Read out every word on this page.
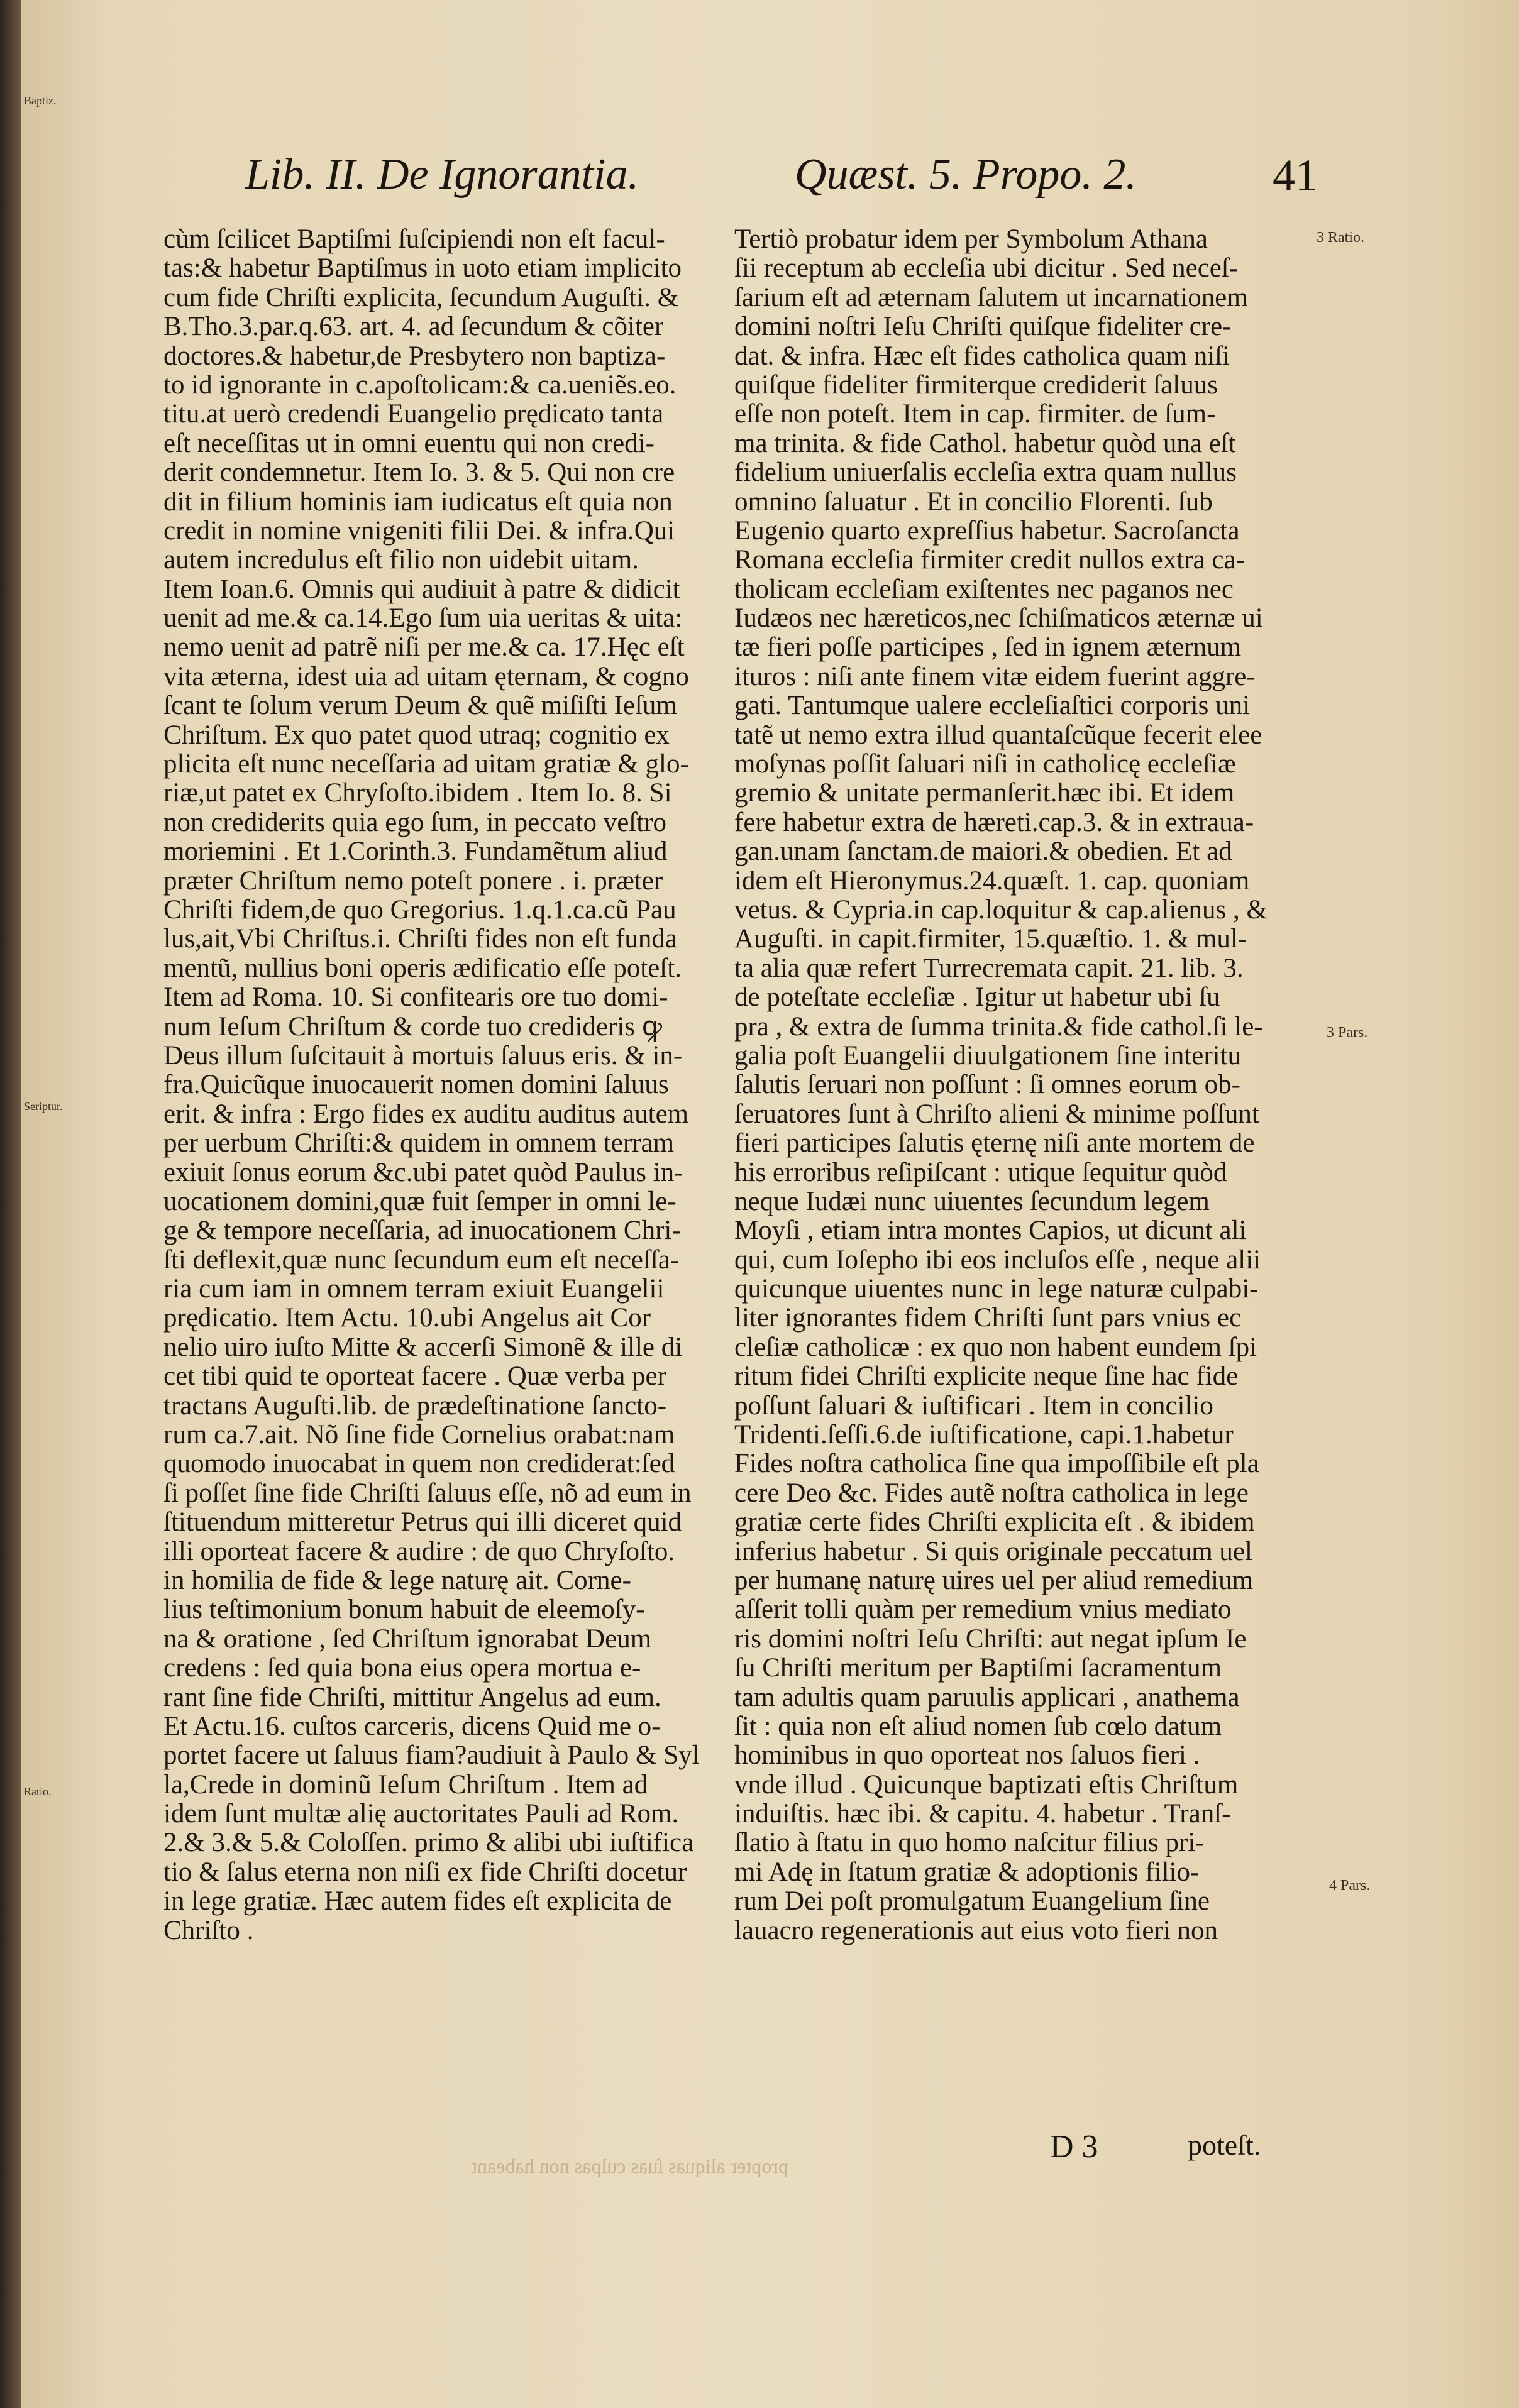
Lib. II. De Ignorantia.	Quæst. 5. Propo. 2.	41
3 Ratio.
3 Pars.
4 Pars.
Baptiz.
Seriptur.
Ratio.
cùm ſcilicet Baptiſmi ſuſcipiendi non eſt facul-
tas:& habetur Baptiſmus in uoto etiam implicito
cum fide Chriſti explicita, ſecundum Auguſti. &
B.Tho.3.par.q.63. art. 4. ad ſecundum & cõiter
doctores.& habetur,de Presbytero non baptiza-
to id ignorante in c.apoſtolicam:& ca.ueniẽs.eo.
titu.at uerò credendi Euangelio prędicato tanta
eſt neceſſitas ut in omni euentu qui non credi-
derit condemnetur. Item Io. 3. & 5. Qui non cre
dit in filium hominis iam iudicatus eſt quia non
credit in nomine vnigeniti filii Dei. & infra.Qui
autem incredulus eſt filio non uidebit uitam.
Item Ioan.6. Omnis qui audiuit à patre & didicit
uenit ad me.& ca.14.Ego ſum uia ueritas & uita:
nemo uenit ad patrẽ niſi per me.& ca. 17.Hęc eſt
vita æterna, idest uia ad uitam ęternam, & cogno
ſcant te ſolum verum Deum & quẽ miſiſti Ieſum
Chriſtum. Ex quo patet quod utraq; cognitio ex
plicita eſt nunc neceſſaria ad uitam gratiæ & glo-
riæ,ut patet ex Chryſoſto.ibidem . Item Io. 8. Si
non crediderits quia ego ſum, in peccato veſtro
moriemini . Et 1.Corinth.3. Fundamẽtum aliud
præter Chriſtum nemo poteſt ponere . i. præter
Chriſti fidem,de quo Gregorius. 1.q.1.ca.cũ Pau
lus,ait,Vbi Chriſtus.i. Chriſti fides non eſt funda
mentũ, nullius boni operis ædificatio eſſe poteſt.
Item ad Roma. 10. Si confitearis ore tuo domi-
num Ieſum Chriſtum & corde tuo credideris ꝙ
Deus illum ſuſcitauit à mortuis ſaluus eris. & in-
fra.Quicũque inuocauerit nomen domini ſaluus
erit. & infra : Ergo fides ex auditu auditus autem
per uerbum Chriſti:& quidem in omnem terram
exiuit ſonus eorum &c.ubi patet quòd Paulus in-
uocationem domini,quæ fuit ſemper in omni le-
ge & tempore neceſſaria, ad inuocationem Chri-
ſti deflexit,quæ nunc ſecundum eum eſt neceſſa-
ria cum iam in omnem terram exiuit Euangelii
prędicatio. Item Actu. 10.ubi Angelus ait Cor
nelio uiro iuſto Mitte & accerſi Simonẽ & ille di
cet tibi quid te oporteat facere . Quæ verba per
tractans Auguſti.lib. de prædeſtinatione ſancto-
rum ca.7.ait. Nõ ſine fide Cornelius orabat:nam
quomodo inuocabat in quem non crediderat:ſed
ſi poſſet ſine fide Chriſti ſaluus eſſe, nõ ad eum in
ſtituendum mitteretur Petrus qui illi diceret quid
illi oporteat facere & audire : de quo Chryſoſto.
in homilia de fide & lege naturę ait. Corne-
lius teſtimonium bonum habuit de eleemoſy-
na & oratione , ſed Chriſtum ignorabat Deum
credens : ſed quia bona eius opera mortua e-
rant ſine fide Chriſti, mittitur Angelus ad eum.
Et Actu.16. cuſtos carceris, dicens Quid me o-
portet facere ut ſaluus fiam?audiuit à Paulo & Syl
la,Crede in dominũ Ieſum Chriſtum . Item ad
idem ſunt multæ alię auctoritates Pauli ad Rom.
2.& 3.& 5.& Coloſſen. primo & alibi ubi iuſtifica
tio & ſalus eterna non niſi ex fide Chriſti docetur
in lege gratiæ. Hæc autem fides eſt explicita de
Chriſto .
Tertiò probatur idem per Symbolum Athana
ſii receptum ab eccleſia ubi dicitur . Sed neceſ-
ſarium eſt ad æternam ſalutem ut incarnationem
domini noſtri Ieſu Chriſti quiſque fideliter cre-
dat. & infra. Hæc eſt fides catholica quam niſi
quiſque fideliter firmiterque crediderit ſaluus
eſſe non poteſt. Item in cap. firmiter. de ſum-
ma trinita. & fide Cathol. habetur quòd una eſt
fidelium uniuerſalis eccleſia extra quam nullus
omnino ſaluatur . Et in concilio Florenti. ſub
Eugenio quarto expreſſius habetur. Sacroſancta
Romana eccleſia firmiter credit nullos extra ca-
tholicam eccleſiam exiſtentes nec paganos nec
Iudæos nec hæreticos,nec ſchiſmaticos æternæ ui
tæ fieri poſſe participes , ſed in ignem æternum
ituros : niſi ante finem vitæ eidem fuerint aggre-
gati. Tantumque ualere eccleſiaſtici corporis uni
tatẽ ut nemo extra illud quantaſcũque fecerit elee
moſynas poſſit ſaluari niſi in catholicę eccleſiæ
gremio & unitate permanſerit.hæc ibi. Et idem
fere habetur extra de hæreti.cap.3. & in extraua-
gan.unam ſanctam.de maiori.& obedien. Et ad
idem eſt Hieronymus.24.quæſt. 1. cap. quoniam
vetus. & Cypria.in cap.loquitur & cap.alienus , &
Auguſti. in capit.firmiter, 15.quæſtio. 1. & mul-
ta alia quæ refert Turrecremata capit. 21. lib. 3.
de poteſtate eccleſiæ . Igitur ut habetur ubi ſu
pra , & extra de ſumma trinita.& fide cathol.ſi le-
galia poſt Euangelii diuulgationem ſine interitu
ſalutis ſeruari non poſſunt : ſi omnes eorum ob-
ſeruatores ſunt à Chriſto alieni & minime poſſunt
fieri participes ſalutis ęternę niſi ante mortem de
his erroribus reſipiſcant : utique ſequitur quòd
neque Iudæi nunc uiuentes ſecundum legem
Moyſi , etiam intra montes Capios, ut dicunt ali
qui, cum Ioſepho ibi eos incluſos eſſe , neque alii
quicunque uiuentes nunc in lege naturæ culpabi-
liter ignorantes fidem Chriſti ſunt pars vnius ec
cleſiæ catholicæ : ex quo non habent eundem ſpi
ritum fidei Chriſti explicite neque ſine hac fide
poſſunt ſaluari & iuſtificari . Item in concilio
Tridenti.ſeſſi.6.de iuſtificatione, capi.1.habetur
Fides noſtra catholica ſine qua impoſſibile eſt pla
cere Deo &c. Fides autẽ noſtra catholica in lege
gratiæ certe fides Chriſti explicita eſt . & ibidem
inferius habetur . Si quis originale peccatum uel
per humanę naturę uires uel per aliud remedium
aſſerit tolli quàm per remedium vnius mediato
ris domini noſtri Ieſu Chriſti: aut negat ipſum Ie
ſu Chriſti meritum per Baptiſmi ſacramentum
tam adultis quam paruulis applicari , anathema
ſit : quia non eſt aliud nomen ſub cœlo datum
hominibus in quo oporteat nos ſaluos fieri .
vnde illud . Quicunque baptizati eſtis Chriſtum
induiſtis. hæc ibi. & capitu. 4. habetur . Tranſ-
ſlatio à ſtatu in quo homo naſcitur filius pri-
mi Adę in ſtatum gratiæ & adoptionis filio-
rum Dei poſt promulgatum Euangelium ſine
lauacro regenerationis aut eius voto fieri non
propter aliquas ſuas culpas non habeant
D 3	poteſt.
